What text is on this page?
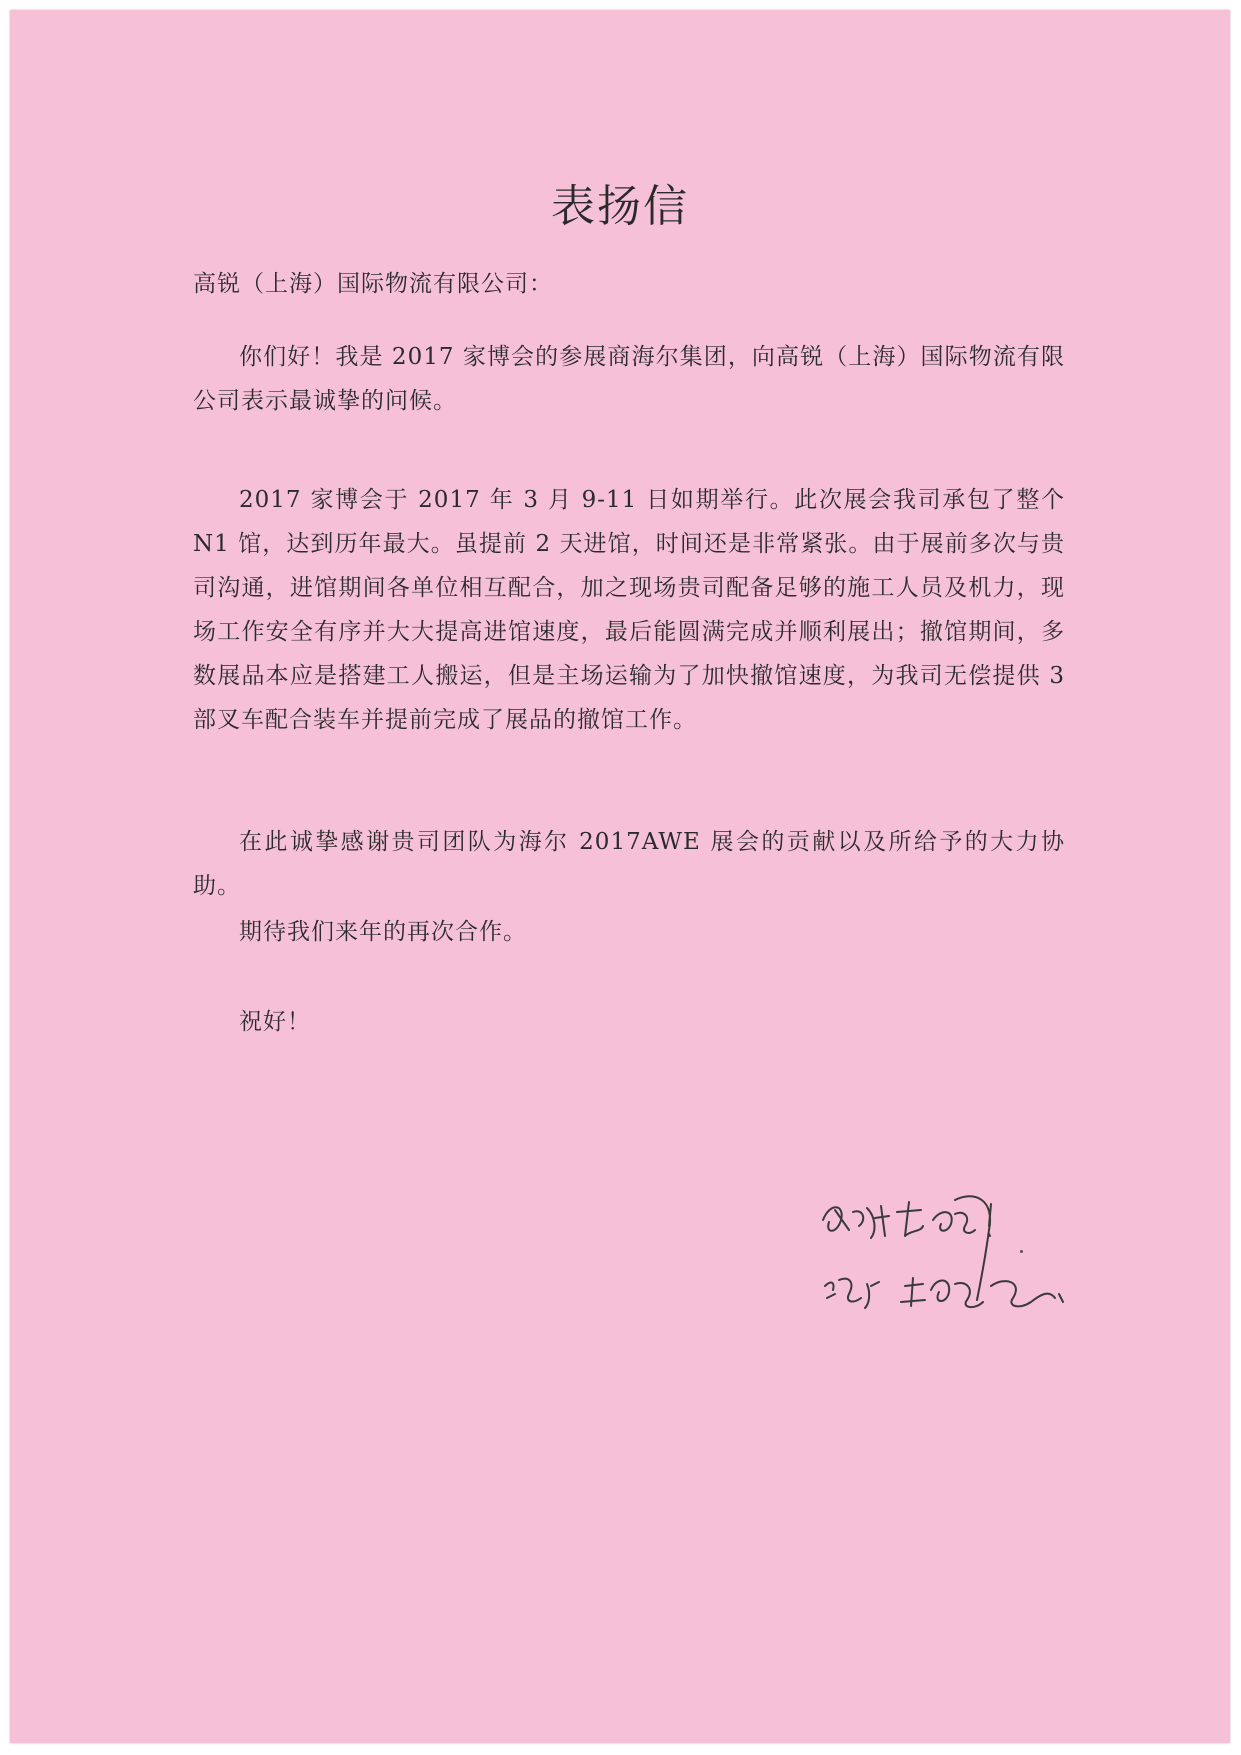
表扬信
高锐（上海）国际物流有限公司：

你们好！我是 2017 家博会的参展商海尔集团，向高锐（上海）国际物流有限公司表示最诚挚的问候。

2017 家博会于 2017 年 3 月 9-11 日如期举行。此次展会我司承包了整个 N1 馆，达到历年最大。虽提前 2 天进馆，时间还是非常紧张。由于展前多次与贵司沟通，进馆期间各单位相互配合，加之现场贵司配备足够的施工人员及机力，现场工作安全有序并大大提高进馆速度，最后能圆满完成并顺利展出；撤馆期间，多数展品本应是搭建工人搬运，但是主场运输为了加快撤馆速度，为我司无偿提供 3 部叉车配合装车并提前完成了展品的撤馆工作。

在此诚挚感谢贵司团队为海尔 2017AWE 展会的贡献以及所给予的大力协助。

期待我们来年的再次合作。

祝好！
